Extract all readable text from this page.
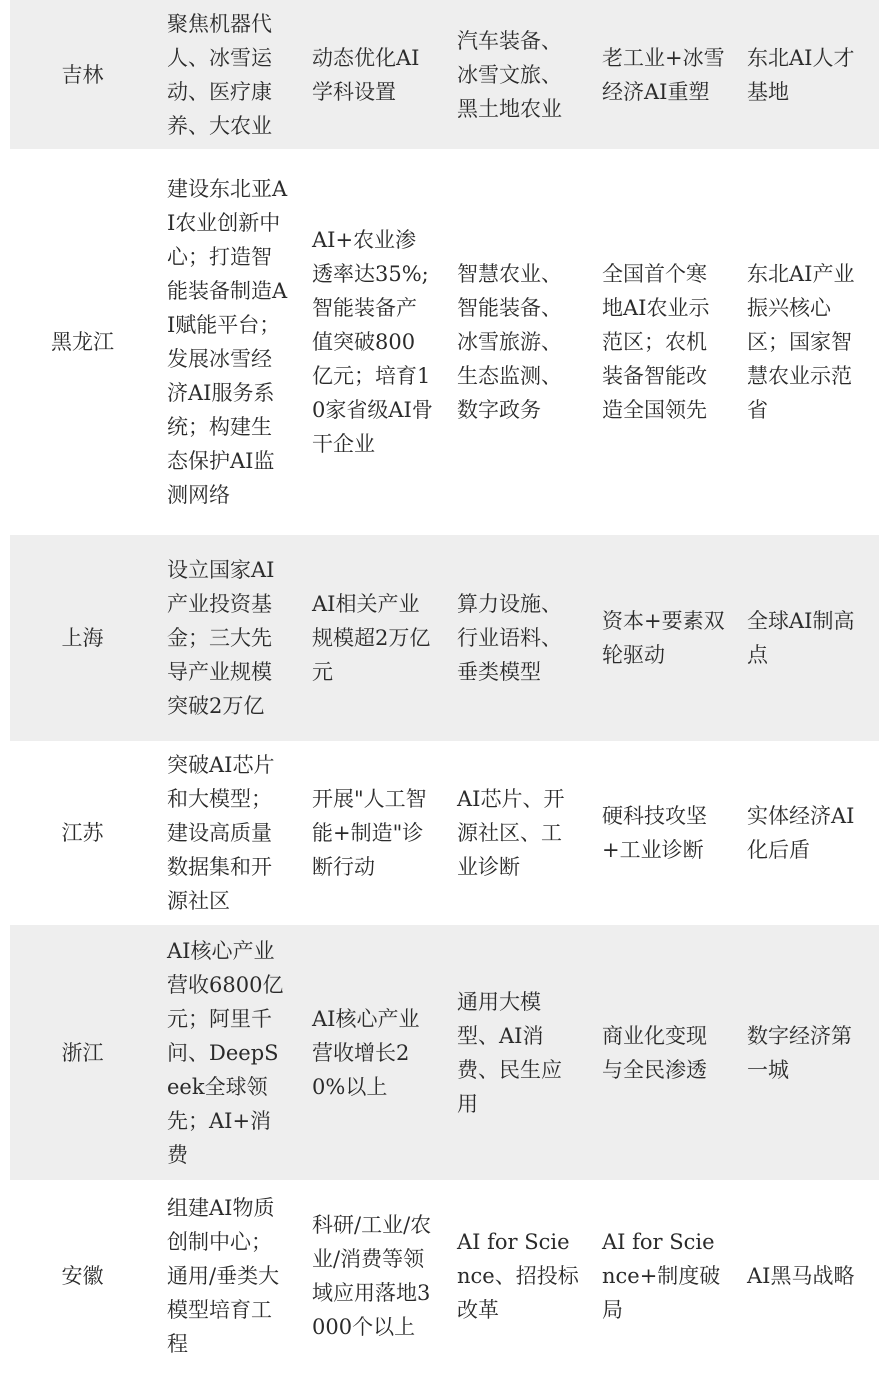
吉林	聚焦机器代人、冰雪运动、医疗康养、大农业	动态优化AI学科设置	汽车装备、冰雪文旅、黑土地农业	老工业+冰雪经济AI重塑	东北AI人才基地

黑龙江	建设东北亚AI农业创新中心；打造智能装备制造AI赋能平台；发展冰雪经济AI服务系统；构建生态保护AI监测网络	AI+农业渗透率达35%;智能装备产值突破800亿元；培育10家省级AI骨干企业	智慧农业、智能装备、冰雪旅游、生态监测、数字政务	全国首个寒地AI农业示范区；农机装备智能改造全国领先	东北AI产业振兴核心区；国家智慧农业示范省

上海	设立国家AI产业投资基金；三大先导产业规模突破2万亿	AI相关产业规模超2万亿元	算力设施、行业语料、垂类模型	资本+要素双轮驱动	全球AI制高点

江苏	突破AI芯片和大模型；建设高质量数据集和开源社区	开展"人工智能+制造"诊断行动	AI芯片、开源社区、工业诊断	硬科技攻坚+工业诊断	实体经济AI化后盾

浙江	AI核心产业营收6800亿元；阿里千问、DeepSeek全球领先；AI+消费	AI核心产业营收增长20%以上	通用大模型、AI消费、民生应用	商业化变现与全民渗透	数字经济第一城

安徽	组建AI物质创制中心；通用/垂类大模型培育工程	科研/工业/农业/消费等领域应用落地3000个以上	AI for Science、招投标改革	AI for Science+制度破局	AI黑马战略
